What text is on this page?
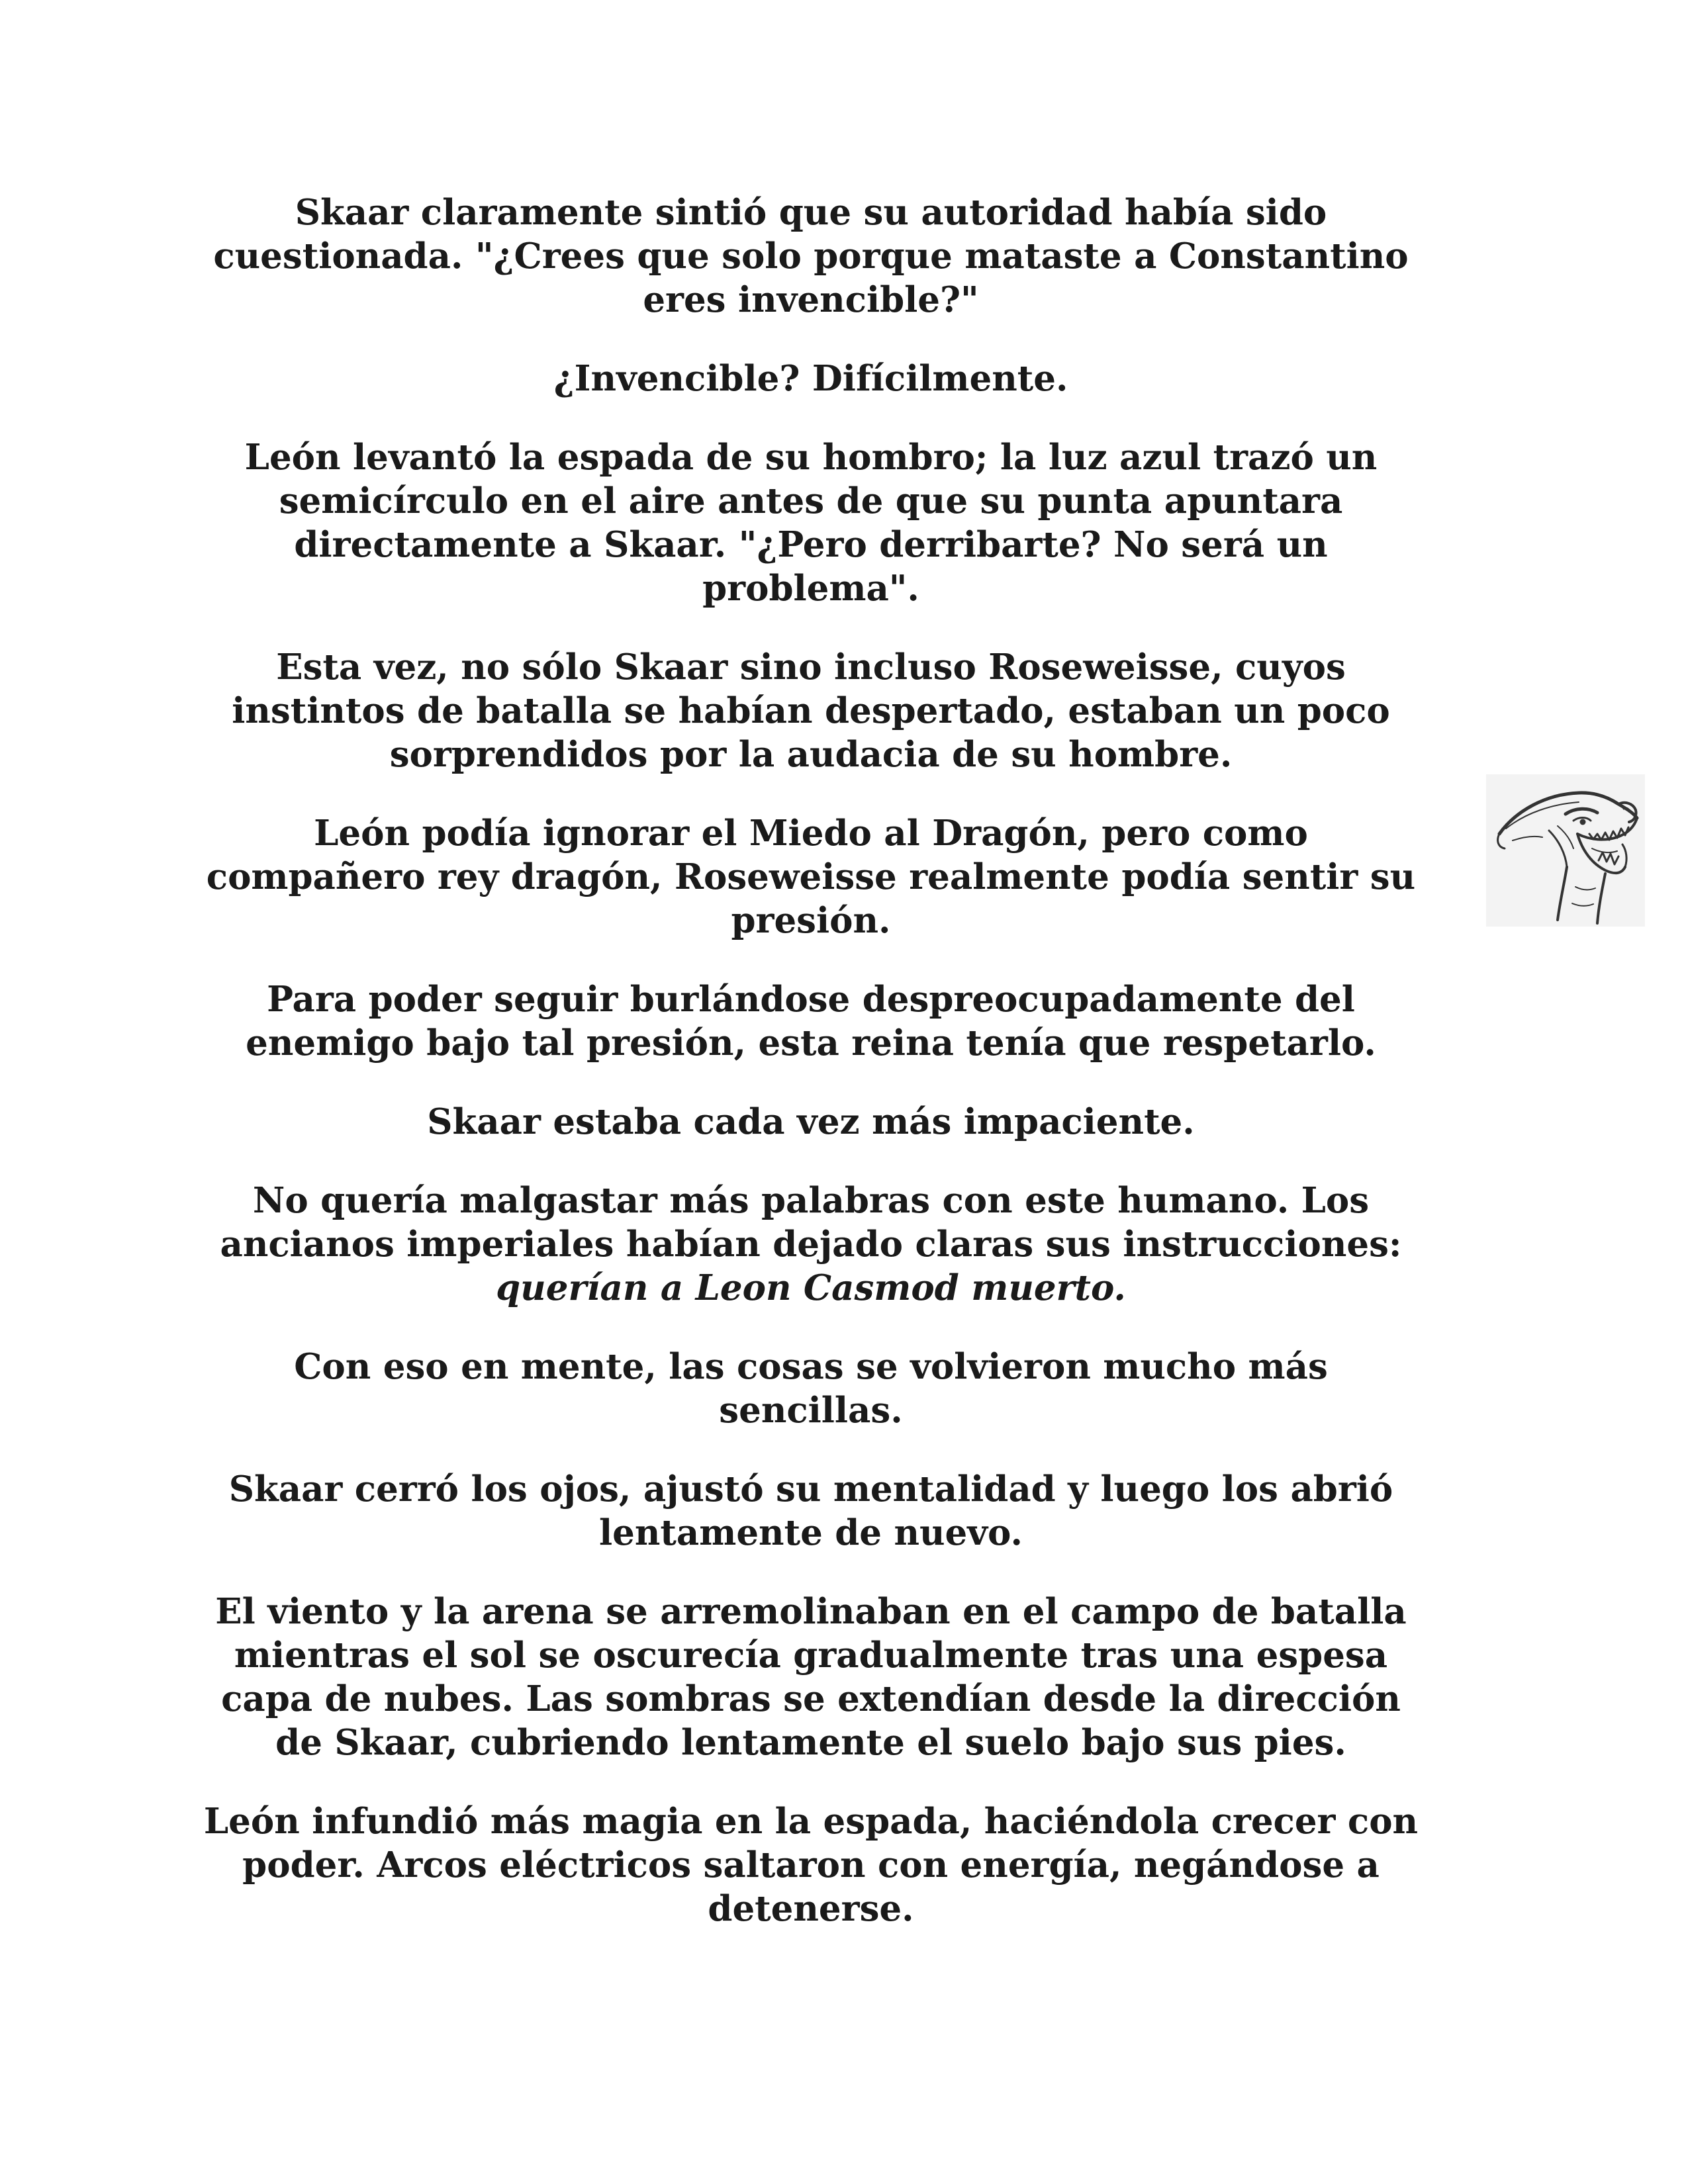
Skaar claramente sintió que su autoridad había sido cuestionada. "¿Crees que solo porque mataste a Constantino eres invencible?"

¿Invencible? Difícilmente.

León levantó la espada de su hombro; la luz azul trazó un semicírculo en el aire antes de que su punta apuntara directamente a Skaar. "¿Pero derribarte? No será un problema".

Esta vez, no sólo Skaar sino incluso Roseweisse, cuyos instintos de batalla se habían despertado, estaban un poco sorprendidos por la audacia de su hombre.

León podía ignorar el Miedo al Dragón, pero como compañero rey dragón, Roseweisse realmente podía sentir su presión.

Para poder seguir burlándose despreocupadamente del enemigo bajo tal presión, esta reina tenía que respetarlo.

Skaar estaba cada vez más impaciente.

No quería malgastar más palabras con este humano. Los ancianos imperiales habían dejado claras sus instrucciones: querían a Leon Casmod muerto.

Con eso en mente, las cosas se volvieron mucho más sencillas.

Skaar cerró los ojos, ajustó su mentalidad y luego los abrió lentamente de nuevo.

El viento y la arena se arremolinaban en el campo de batalla mientras el sol se oscurecía gradualmente tras una espesa capa de nubes. Las sombras se extendían desde la dirección de Skaar, cubriendo lentamente el suelo bajo sus pies.

León infundió más magia en la espada, haciéndola crecer con poder. Arcos eléctricos saltaron con energía, negándose a detenerse.
